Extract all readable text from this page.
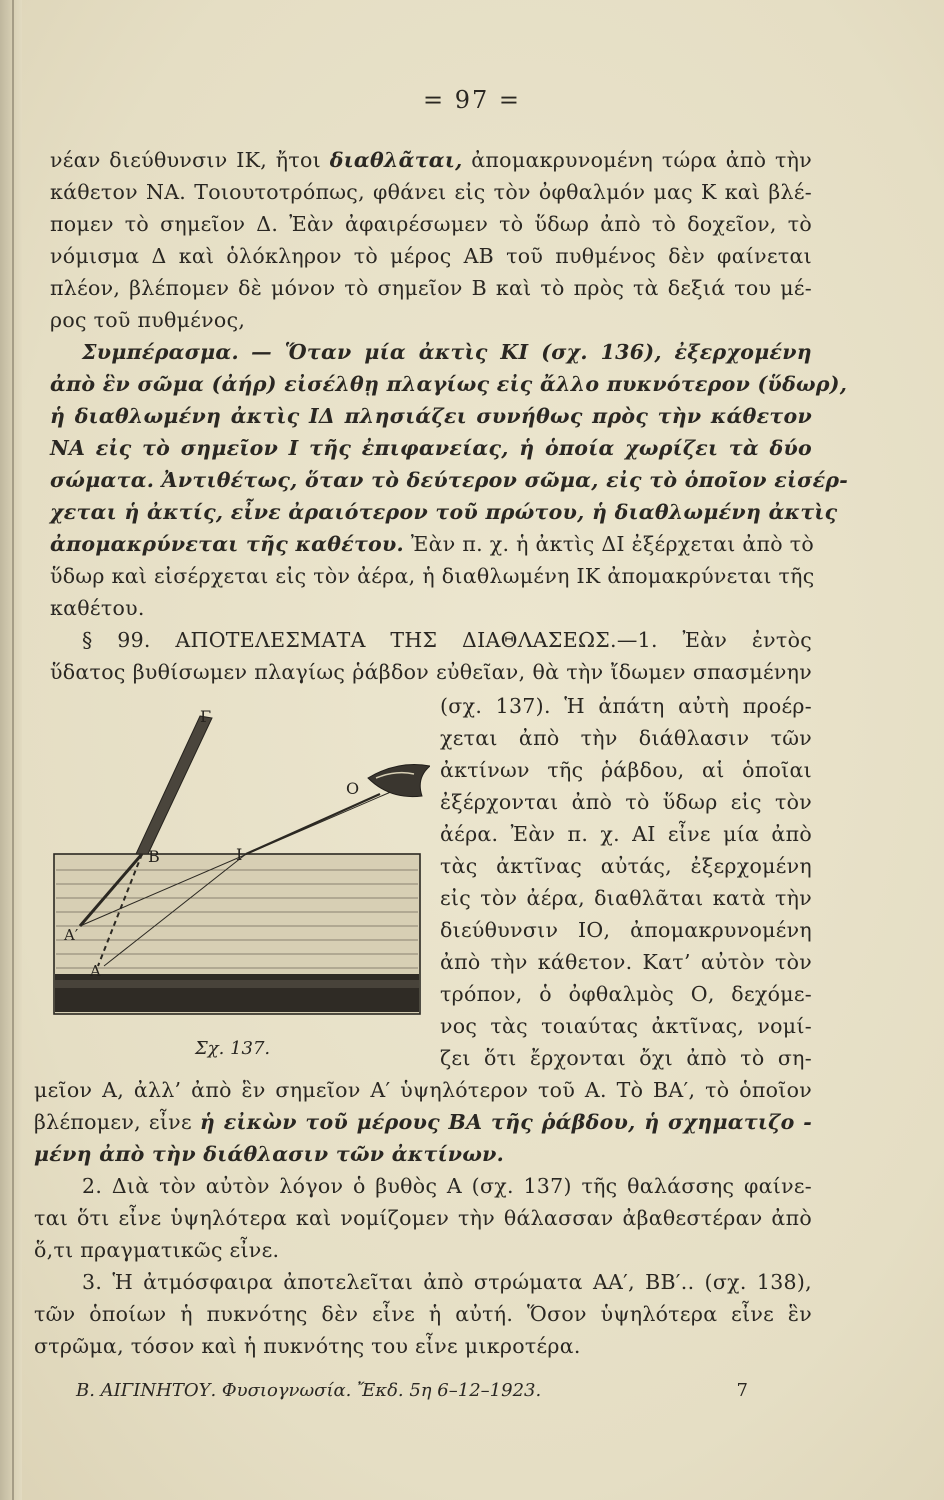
= 97 =
νέαν διεύθυνσιν ΙΚ, ἤτοι διαθλᾶται, ἀπομακρυνομένη τώρα ἀπὸ τὴν
κάθετον ΝΑ. Τοιουτοτρόπως, φθάνει εἰς τὸν ὀφθαλμόν μας Κ καὶ βλέ-
πομεν τὸ σημεῖον Δ. Ἐὰν ἀφαιρέσωμεν τὸ ὕδωρ ἀπὸ τὸ δοχεῖον, τὸ
νόμισμα Δ καὶ ὁλόκληρον τὸ μέρος ΑΒ τοῦ πυθμένος δὲν φαίνεται
πλέον, βλέπομεν δὲ μόνον τὸ σημεῖον Β καὶ τὸ πρὸς τὰ δεξιά του μέ-
ρος τοῦ πυθμένος,
Συμπέρασμα. — Ὅταν μία ἀκτὶς ΚΙ (σχ. 136), ἐξερχομένη
ἀπὸ ἓν σῶμα (ἀήρ) εἰσέλθῃ πλαγίως εἰς ἄλλο πυκνότερον (ὕδωρ),
ἡ διαθλωμένη ἀκτὶς ΙΔ πλησιάζει συνήθως πρὸς τὴν κάθετον
ΝΑ εἰς τὸ σημεῖον Ι τῆς ἐπιφανείας, ἡ ὁποία χωρίζει τὰ δύο
σώματα. Ἀντιθέτως, ὅταν τὸ δεύτερον σῶμα, εἰς τὸ ὁποῖον εἰσέρ-
χεται ἡ ἀκτίς, εἶνε ἀραιότερον τοῦ πρώτου, ἡ διαθλωμένη ἀκτὶς
ἀπομακρύνεται τῆς καθέτου. Ἐὰν π. χ. ἡ ἀκτὶς ΔΙ ἐξέρχεται ἀπὸ τὸ
ὕδωρ καὶ εἰσέρχεται εἰς τὸν ἀέρα, ἡ διαθλωμένη ΙΚ ἀπομακρύνεται τῆς
καθέτου.
§ 99. ΑΠΟΤΕΛΕΣΜΑΤΑ ΤΗΣ ΔΙΑΘΛΑΣΕΩΣ.—1. Ἐὰν ἐντὸς
ὕδατος βυθίσωμεν πλαγίως ῥάβδον εὐθεῖαν, θὰ τὴν ἴδωμεν σπασμένην
(σχ. 137). Ἡ ἀπάτη αὐτὴ προέρ-
χεται ἀπὸ τὴν διάθλασιν τῶν
ἀκτίνων τῆς ῥάβδου, αἱ ὁποῖαι
ἐξέρχονται ἀπὸ τὸ ὕδωρ εἰς τὸν
ἀέρα. Ἐὰν π. χ. ΑΙ εἶνε μία ἀπὸ
τὰς ἀκτῖνας αὐτάς, ἐξερχομένη
εἰς τὸν ἀέρα, διαθλᾶται κατὰ τὴν
διεύθυνσιν ΙΟ, ἀπομακρυνομένη
ἀπὸ τὴν κάθετον. Κατ’ αὐτὸν τὸν
τρόπον, ὁ ὀφθαλμὸς Ο, δεχόμε-
νος τὰς τοιαύτας ἀκτῖνας, νομί-
ζει ὅτι ἔρχονται ὄχι ἀπὸ τὸ ση-
Γ
O
B	I
A′
A
Σχ. 137.
μεῖον Α, ἀλλ’ ἀπὸ ἓν σημεῖον Α′ ὑψηλότερον τοῦ Α. Τὸ ΒΑ′, τὸ ὁποῖον
βλέπομεν, εἶνε ἡ εἰκὼν τοῦ μέρους ΒΑ τῆς ῥάβδου, ἡ σχηματιζο -
μένη ἀπὸ τὴν διάθλασιν τῶν ἀκτίνων.
2. Διὰ τὸν αὐτὸν λόγον ὁ βυθὸς Α (σχ. 137) τῆς θαλάσσης φαίνε-
ται ὅτι εἶνε ὑψηλότερα καὶ νομίζομεν τὴν θάλασσαν ἀβαθεστέραν ἀπὸ
ὅ,τι πραγματικῶς εἶνε.
3. Ἡ ἀτμόσφαιρα ἀποτελεῖται ἀπὸ στρώματα ΑΑ′, ΒΒ′.. (σχ. 138),
τῶν ὁποίων ἡ πυκνότης δὲν εἶνε ἡ αὐτή. Ὅσον ὑψηλότερα εἶνε ἓν
στρῶμα, τόσον καὶ ἡ πυκνότης του εἶνε μικροτέρα.
Β. ΑΙΓΙΝΗΤΟΥ. Φυσιογνωσία. Ἔκδ. 5η 6–12–1923.	7
